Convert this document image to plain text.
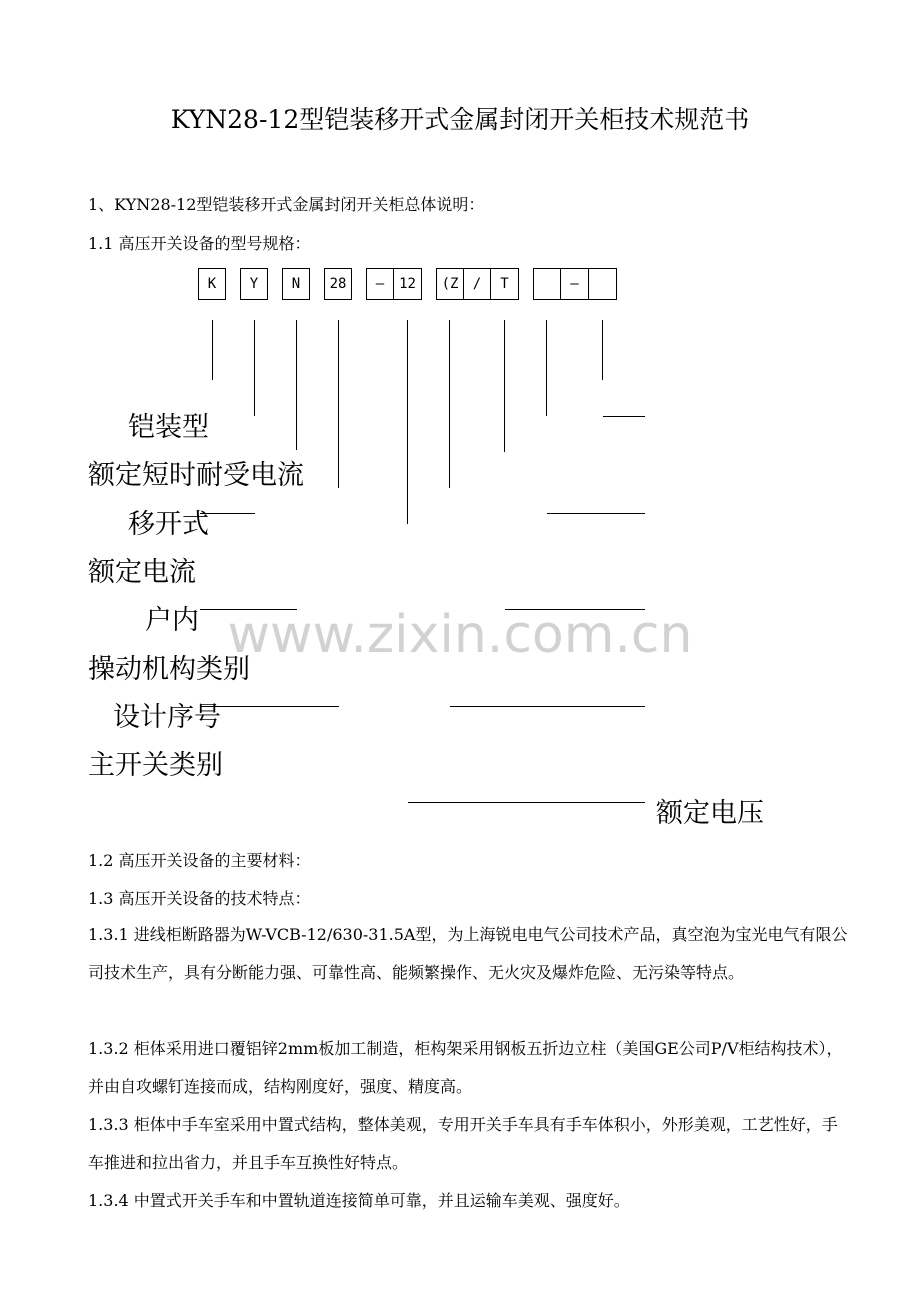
KYN28-12型铠装移开式金属封闭开关柜技术规范书
1、KYN28-12型铠装移开式金属封闭开关柜总体说明：
1.1 高压开关设备的型号规格：
K	Y	N	28	—	12	(Z	/	T	—
铠装型
额定短时耐受电流
移开式
额定电流
户内
操动机构类别
设计序号
主开关类别
额定电压
www.zixin.com.cn
1.2 高压开关设备的主要材料：
1.3 高压开关设备的技术特点：
1.3.1 进线柜断路器为W-VCB-12/630-31.5A型，为上海锐电电气公司技术产品，真空泡为宝光电气有限公司技术生产，具有分断能力强、可靠性高、能频繁操作、无火灾及爆炸危险、无污染等特点。
1.3.2 柜体采用进口覆铝锌2mm板加工制造，柜构架采用钢板五折边立柱（美国GE公司P/V柜结构技术），并由自攻螺钉连接而成，结构刚度好，强度、精度高。
1.3.3 柜体中手车室采用中置式结构，整体美观，专用开关手车具有手车体积小，外形美观，工艺性好，手车推进和拉出省力，并且手车互换性好特点。
1.3.4 中置式开关手车和中置轨道连接简单可靠，并且运输车美观、强度好。
